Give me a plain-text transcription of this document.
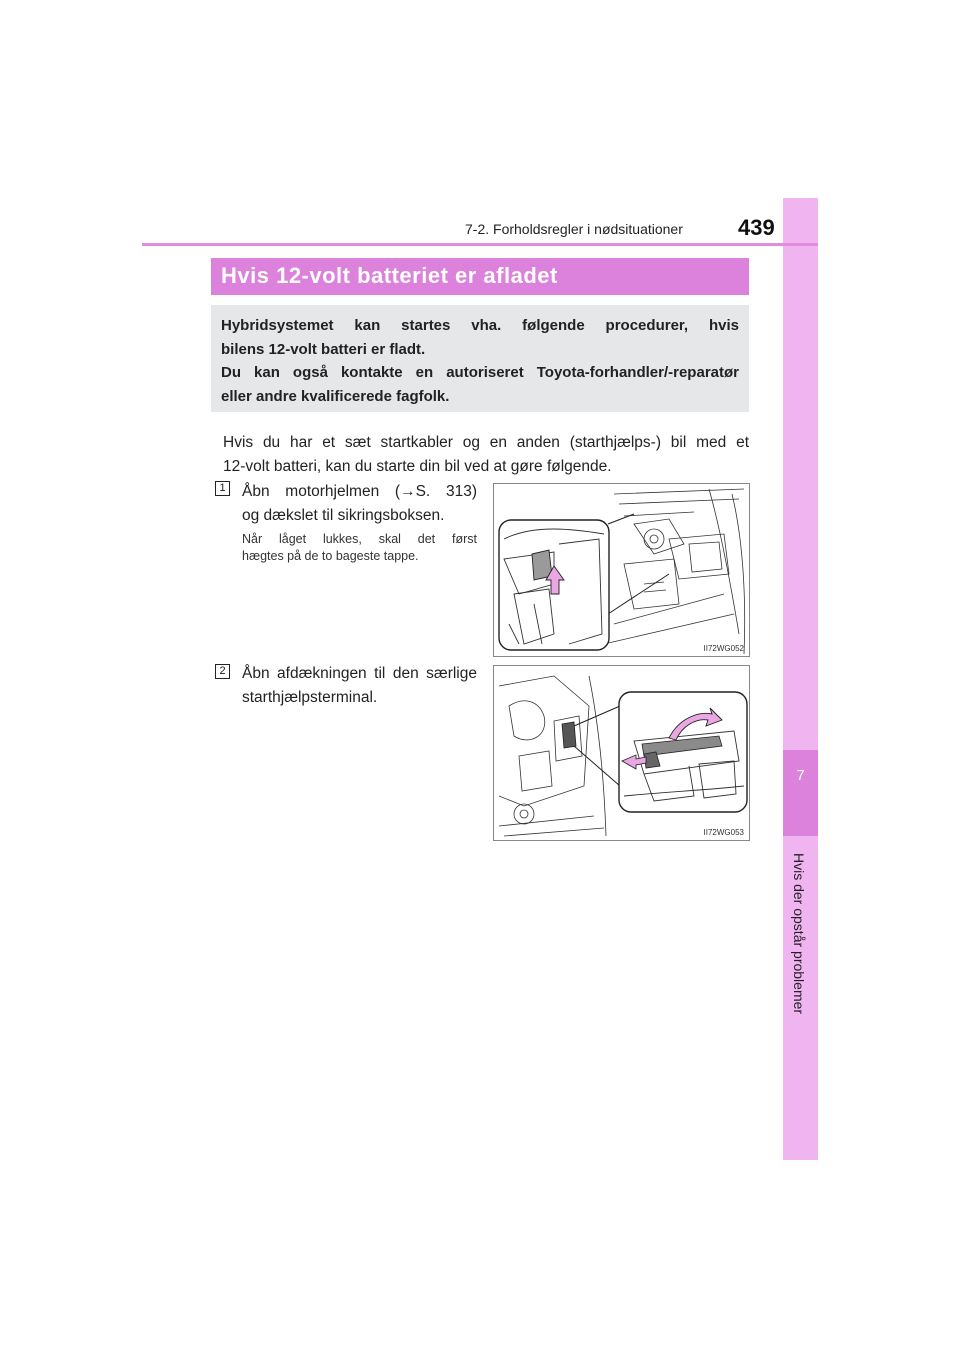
7
Hvis der opstår problemer
7-2. Forholdsregler i nødsituationer	439
Hvis 12-volt batteriet er afladet

Hybridsystemet kan startes vha. følgende procedurer, hvis

bilens 12-volt batteri er fladt.

Du kan også kontakte en autoriseret Toyota-forhandler/-reparatør

eller andre kvalificerede fagfolk.

Hvis du har et sæt startkabler og en anden (starthjælps-) bil med et
12-volt batteri, kan du starte din bil ved at gøre følgende.
1 Åbn motorhjelmen (→S. 313)
og dækslet til sikringsboksen.
Når låget lukkes, skal det først
hægtes på de to bageste tappe.
II72WG052
2 Åbn afdækningen til den særlige
starthjælpsterminal.
II72WG053
